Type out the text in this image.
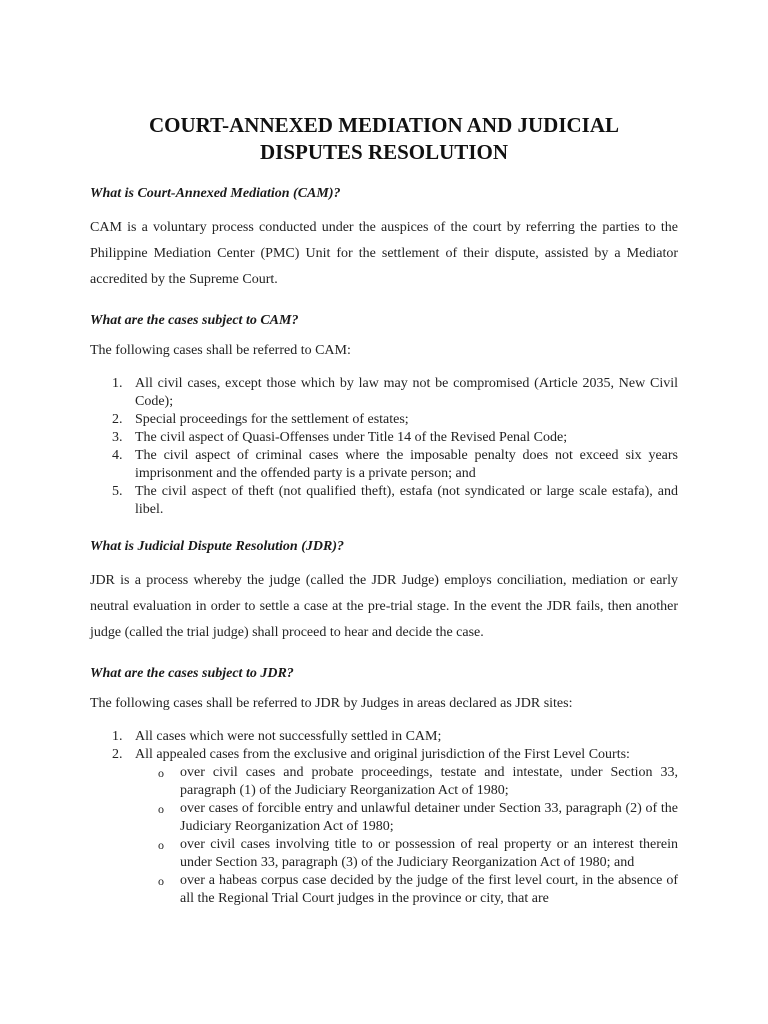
COURT-ANNEXED MEDIATION AND JUDICIAL
DISPUTES RESOLUTION

What is Court-Annexed Mediation (CAM)?

CAM is a voluntary process conducted under the auspices of the court by referring the parties to the Philippine Mediation Center (PMC) Unit for the settlement of their dispute, assisted by a Mediator accredited by the Supreme Court.

What are the cases subject to CAM?

The following cases shall be referred to CAM:

1. All civil cases, except those which by law may not be compromised (Article 2035, New Civil Code);
2. Special proceedings for the settlement of estates;
3. The civil aspect of Quasi-Offenses under Title 14 of the Revised Penal Code;
4. The civil aspect of criminal cases where the imposable penalty does not exceed six years imprisonment and the offended party is a private person; and
5. The civil aspect of theft (not qualified theft), estafa (not syndicated or large scale estafa), and libel.

What is Judicial Dispute Resolution (JDR)?

JDR is a process whereby the judge (called the JDR Judge) employs conciliation, mediation or early neutral evaluation in order to settle a case at the pre-trial stage. In the event the JDR fails, then another judge (called the trial judge) shall proceed to hear and decide the case.

What are the cases subject to JDR?

The following cases shall be referred to JDR by Judges in areas declared as JDR sites:

1. All cases which were not successfully settled in CAM;
2. All appealed cases from the exclusive and original jurisdiction of the First Level Courts:
o over civil cases and probate proceedings, testate and intestate, under Section 33, paragraph (1) of the Judiciary Reorganization Act of 1980;
o over cases of forcible entry and unlawful detainer under Section 33, paragraph (2) of the Judiciary Reorganization Act of 1980;
o over civil cases involving title to or possession of real property or an interest therein under Section 33, paragraph (3) of the Judiciary Reorganization Act of 1980; and
o over a habeas corpus case decided by the judge of the first level court, in the absence of all the Regional Trial Court judges in the province or city, that are
